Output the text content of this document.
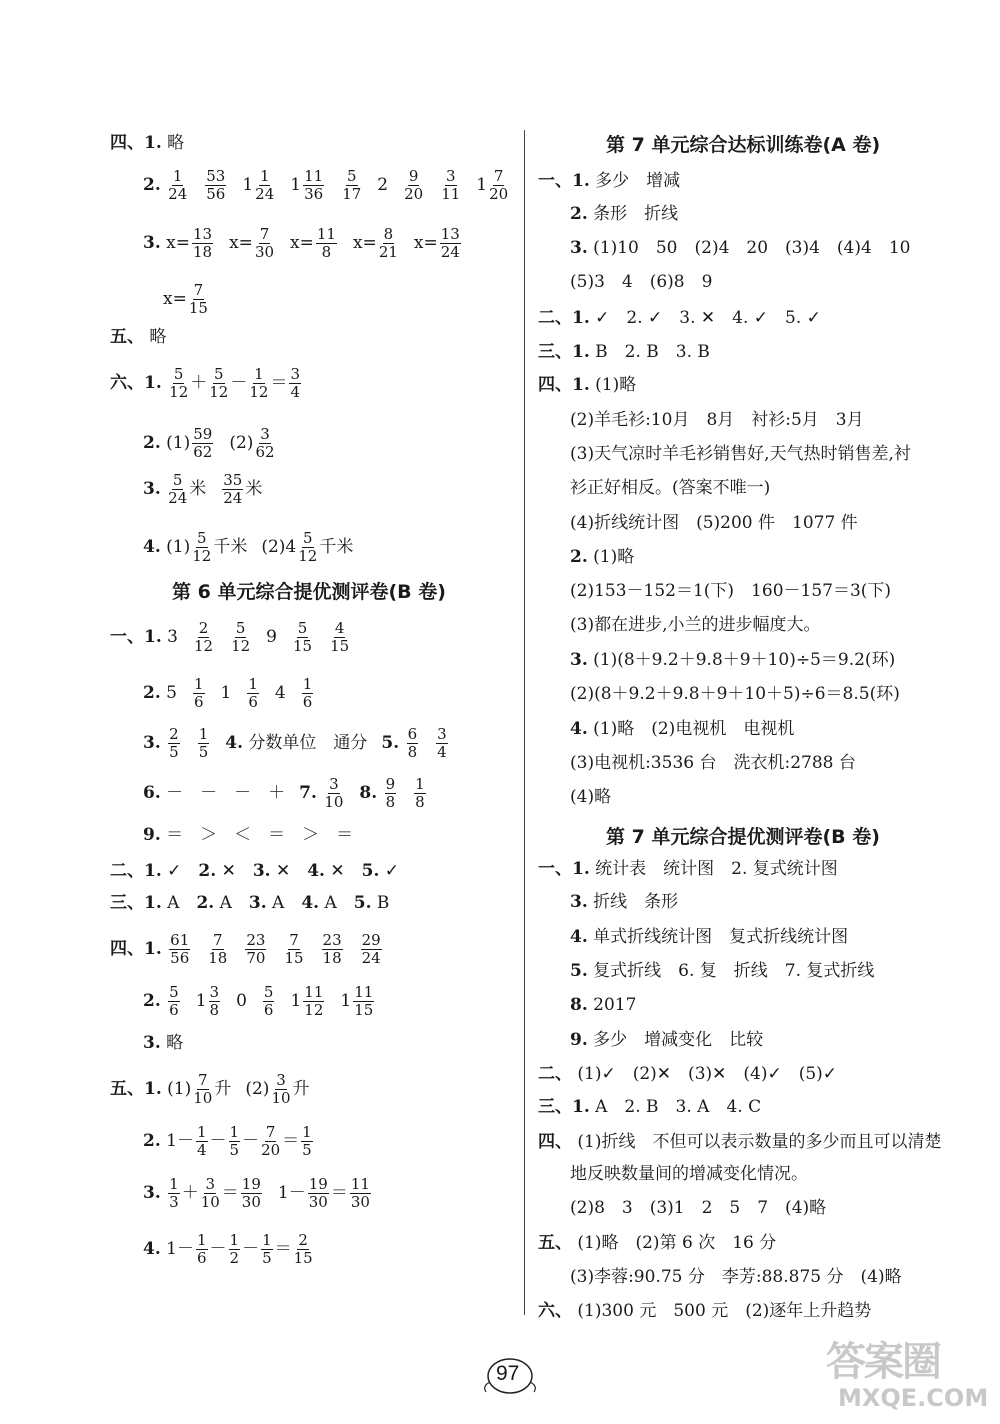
四、1. 略
2. $\frac{1}{24} \frac{53}{56} 1 \frac{1}{24} 1 \frac{11}{36} \frac{5}{17} 2 \frac{9}{20} \frac{3}{11} 1 \frac{7}{20}$
3. $x= \frac{13}{18} x= \frac{7}{30} x= \frac{11}{8} x= \frac{8}{21} x= \frac{13}{24}$
$x= \frac{7}{15}$
五、 略
六、1. $\frac{5}{12} + \frac{5}{12} - \frac{1}{12} = \frac{3}{4}$
2. $(1) \frac{59}{62} (2) \frac{3}{62}$
3. $\frac{5}{24}$ 米 $\frac{35}{24}$ 米
4. $(1) \frac{5}{12}$ 千米 $(2)4 \frac{5}{12}$ 千米
第 6 单元综合提优测评卷(B 卷)
一、1. $3 \frac{2}{12} \frac{5}{12} 9 \frac{5}{15} \frac{4}{15}$
2. $5 \frac{1}{6} 1 \frac{1}{6} 4 \frac{1}{6}$
3. $\frac{2}{5} \frac{1}{5} 4$. 分数单位　通分 5. $\frac{6}{8} \frac{3}{4}$
6. －　－　－　＋ 7. $\frac{3}{10} 8$. $\frac{9}{8} \frac{1}{8}$
9. ＝　＞　＜　＝　＞　＝
二、1. ✓　2. ✕　3. ✕　4. ✕　5. ✓
三、1. A　2. A　3. A　4. A　5. B
四、1. $\frac{61}{56} \frac{7}{18} \frac{23}{70} \frac{7}{15} \frac{23}{18} \frac{29}{24}$
2. $\frac{5}{6} 1 \frac{3}{8} 0 \frac{5}{6} 1 \frac{11}{12} 1 \frac{11}{15}$
3. 略
五、1. $(1) \frac{7}{10}$ 升 $(2) \frac{3}{10}$ 升
2. $1- \frac{1}{4} - \frac{1}{5} - \frac{7}{20} = \frac{1}{5}$
3. $\frac{1}{3} + \frac{3}{10} = \frac{19}{30} 1- \frac{19}{30} = \frac{11}{30}$
4. $1- \frac{1}{6} - \frac{1}{2} - \frac{1}{5} = \frac{2}{15}$
第 7 单元综合达标训练卷(A 卷)
一、1. 多少　增减
2. 条形　折线
3. (1)10　50　(2)4　20　(3)4　(4)4　10
(5)3　4　(6)8　9
二、1. ✓　2. ✓　3. ✕　4. ✓　5. ✓
三、1. B　2. B　3. B
四、1. (1)略
(2)羊毛衫:10月　8月　衬衫:5月　3月
(3)天气凉时羊毛衫销售好,天气热时销售差,衬
衫正好相反。(答案不唯一)
(4)折线统计图　(5)200 件　1077 件
2. (1)略
(2)153－152＝1(下)　160－157＝3(下)
(3)都在进步,小兰的进步幅度大。
3. (1)(8＋9.2＋9.8＋9＋10)÷5＝9.2(环)
(2)(8＋9.2＋9.8＋9＋10＋5)÷6＝8.5(环)
4. (1)略　(2)电视机　电视机
(3)电视机:3536 台　洗衣机:2788 台
(4)略
第 7 单元综合提优测评卷(B 卷)
一、1. 统计表　统计图　2. 复式统计图
3. 折线　条形
4. 单式折线统计图　复式折线统计图
5. 复式折线　6. 复　折线　7. 复式折线
8. 2017
9. 多少　增减变化　比较
二、 (1)✓　(2)✕　(3)✕　(4)✓　(5)✓
三、1. A　2. B　3. A　4. C
四、 (1)折线　不但可以表示数量的多少而且可以清楚
地反映数量间的增减变化情况。
(2)8　3　(3)1　2　5　7　(4)略
五、 (1)略　(2)第 6 次　16 分
(3)李蓉:90.75 分　李芳:88.875 分　(4)略
六、 (1)300 元　500 元　(2)逐年上升趋势
97	答案圈
MXQE.COM
